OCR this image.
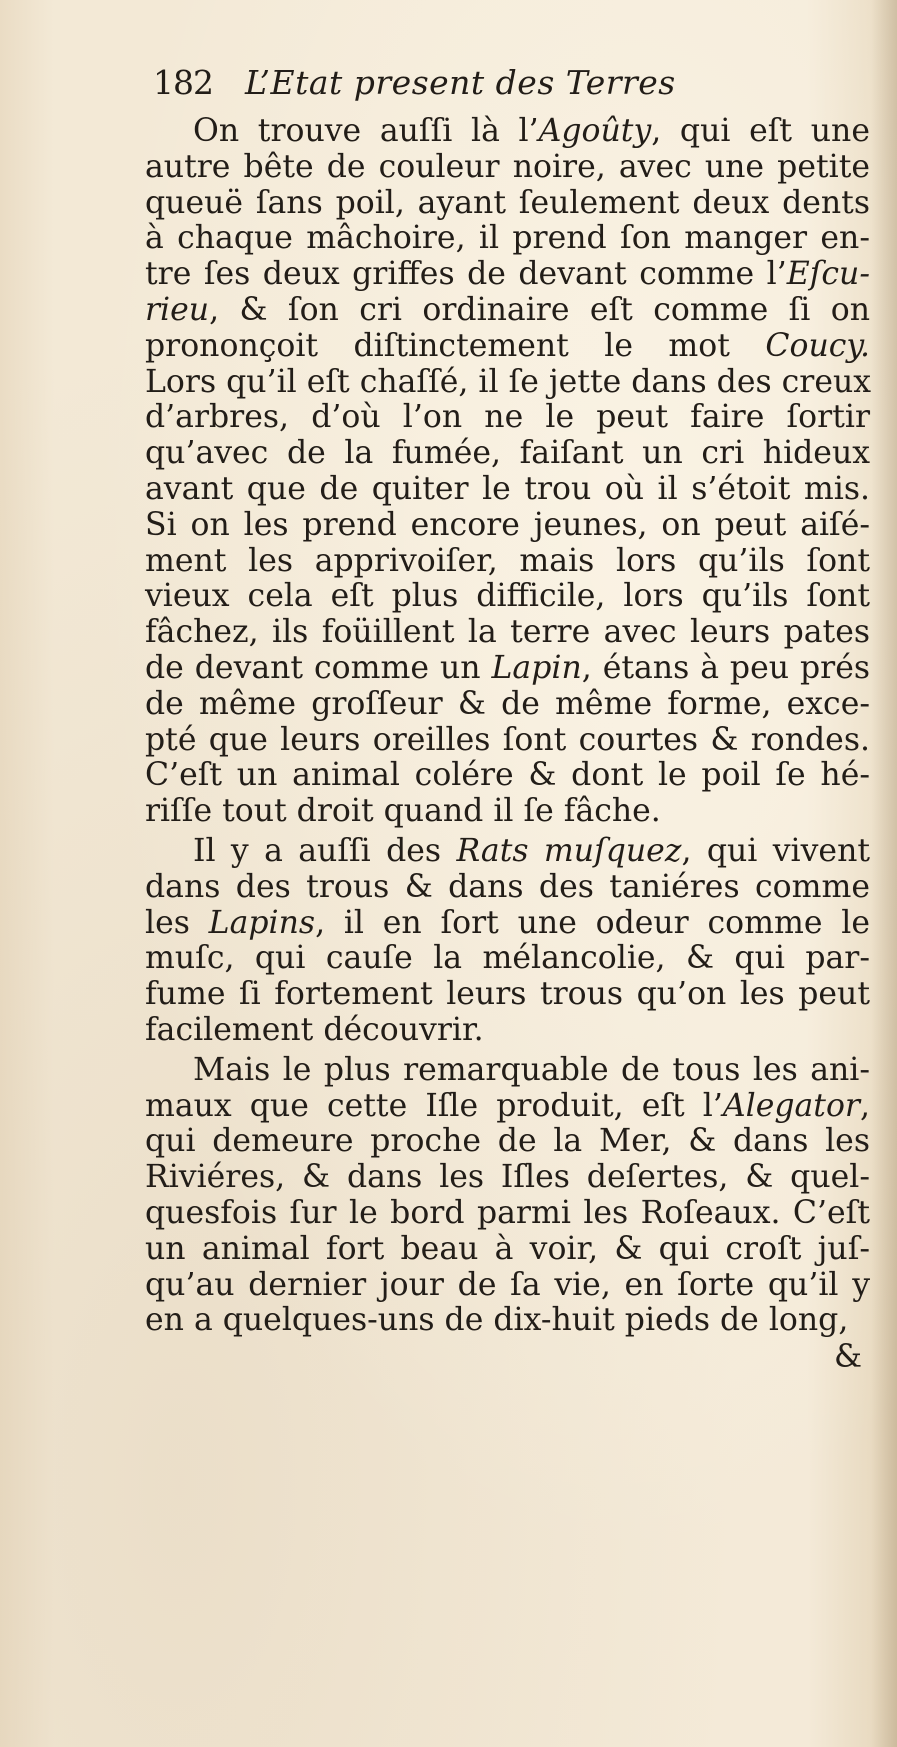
182 L’Etat present des Terres
On trouve auſſi là l’Agoûty, qui eſt une
autre bête de couleur noire, avec une petite
queuë ſans poil, ayant ſeulement deux dents
à chaque mâchoire, il prend ſon manger en-
tre ſes deux griffes de devant comme l’Eſcu-
rieu, & ſon cri ordinaire eſt comme ſi on
prononçoit diſtinctement le mot Coucy.
Lors qu’il eſt chaſſé, il ſe jette dans des creux
d’arbres, d’où l’on ne le peut faire ſortir
qu’avec de la fumée, faiſant un cri hideux
avant que de quiter le trou où il s’étoit mis.
Si on les prend encore jeunes, on peut aiſé-
ment les apprivoiſer, mais lors qu’ils ſont
vieux cela eſt plus difficile, lors qu’ils ſont
fâchez, ils foüillent la terre avec leurs pates
de devant comme un Lapin, étans à peu prés
de même groſſeur & de même forme, exce-
pté que leurs oreilles ſont courtes & rondes.
C’eſt un animal colére & dont le poil ſe hé-
riſſe tout droit quand il ſe fâche.
Il y a auſſi des Rats muſquez, qui vivent
dans des trous & dans des taniéres comme
les Lapins, il en ſort une odeur comme le
muſc, qui cauſe la mélancolie, & qui par-
fume ſi fortement leurs trous qu’on les peut
facilement découvrir.
Mais le plus remarquable de tous les ani-
maux que cette Iſle produit, eſt l’Alegator,
qui demeure proche de la Mer, & dans les
Riviéres, & dans les Iſles deſertes, & quel-
quesfois ſur le bord parmi les Roſeaux. C’eſt
un animal fort beau à voir, & qui croſt juſ-
qu’au dernier jour de ſa vie, en ſorte qu’il y
en a quelques-uns de dix-huit pieds de long,
&
